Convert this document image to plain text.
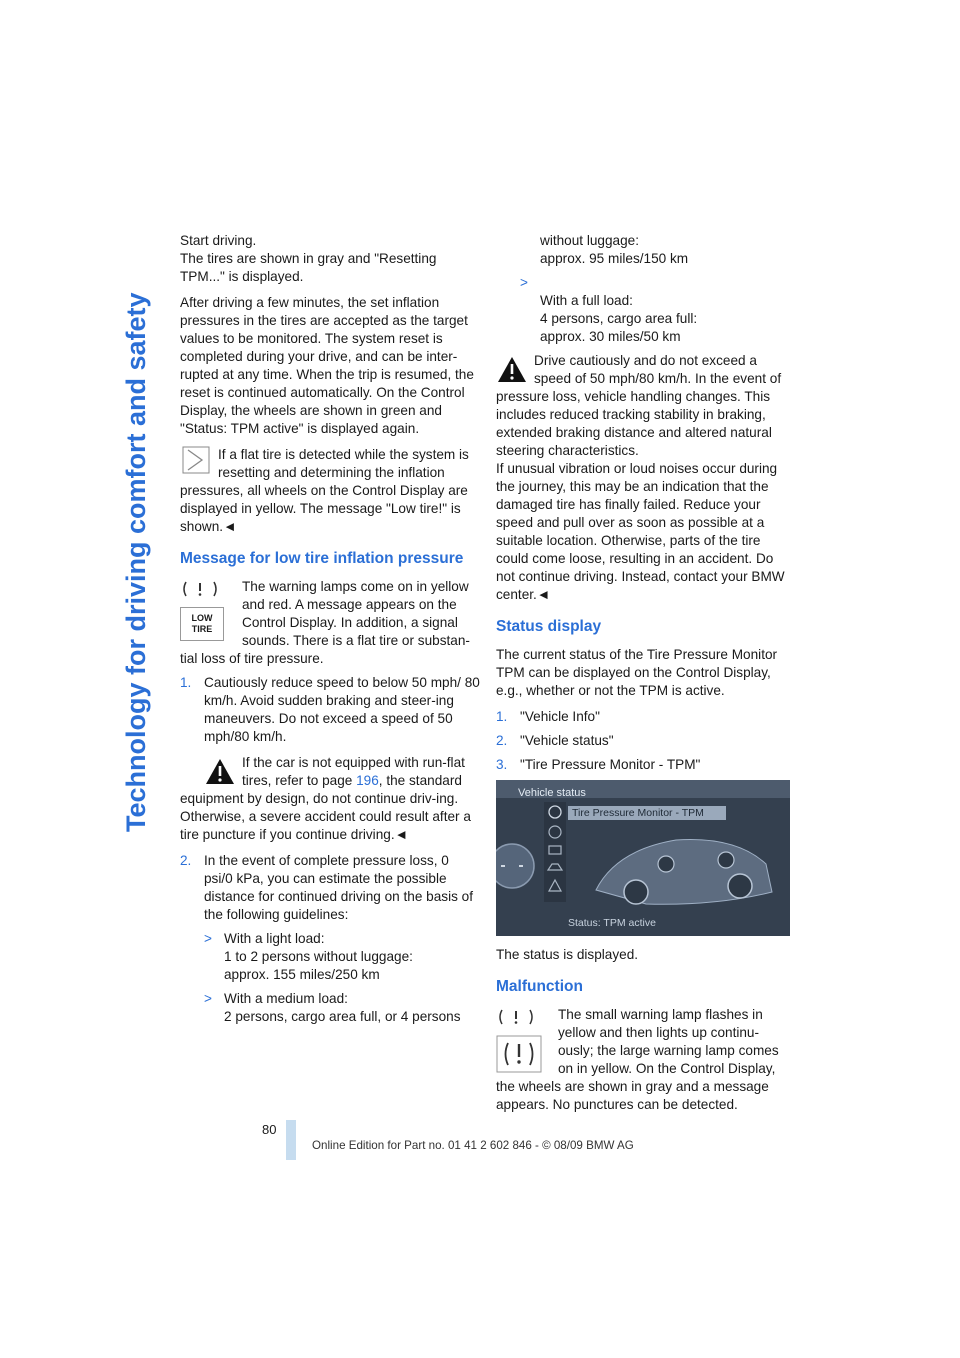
Technology for driving comfort and safety

Start driving.
The tires are shown in gray and "Resetting TPM..." is displayed.

After driving a few minutes, the set inflation pressures in the tires are accepted as the target values to be monitored. The system reset is completed during your drive, and can be inter-rupted at any time. When the trip is resumed, the reset is continued automatically. On the Control Display, the wheels are shown in green and "Status: TPM active" is displayed again.

If a flat tire is detected while the system is resetting and determining the inflation pressures, all wheels on the Control Display are displayed in yellow. The message "Low tire!" is shown.◄
Message for low tire inflation pressure
LOW
TIRE
The warning lamps come on in yellow and red. A message appears on the Control Display. In addition, a signal sounds. There is a flat tire or substan-tial loss of tire pressure.
1. Cautiously reduce speed to below 50 mph/ 80 km/h. Avoid sudden braking and steer-ing maneuvers. Do not exceed a speed of 50 mph/80 km/h.
If the car is not equipped with run-flat tires, refer to page 196, the standard equipment by design, do not continue driv-ing. Otherwise, a severe accident could result after a tire puncture if you continue driving.◄
2. In the event of complete pressure loss, 0 psi/0 kPa, you can estimate the possible distance for continued driving on the basis of the following guidelines:
> With a light load:
1 to 2 persons without luggage:
approx. 155 miles/250 km
> With a medium load:
2 persons, cargo area full, or 4 persons
without luggage:
approx. 95 miles/150 km

>
With a full load:
4 persons, cargo area full:
approx. 30 miles/50 km

Drive cautiously and do not exceed a speed of 50 mph/80 km/h. In the event of pressure loss, vehicle handling changes. This includes reduced tracking stability in braking, extended braking distance and altered natural steering characteristics.
If unusual vibration or loud noises occur during the journey, this may be an indication that the damaged tire has finally failed. Reduce your speed and pull over as soon as possible at a suitable location. Otherwise, parts of the tire could come loose, resulting in an accident. Do not continue driving. Instead, contact your BMW center.◄
Status display

The current status of the Tire Pressure Monitor TPM can be displayed on the Control Display, e.g., whether or not the TPM is active.

1. "Vehicle Info"
2. "Vehicle status"
3. "Tire Pressure Monitor - TPM"
Vehicle status
Tire Pressure Monitor - TPM
Status: TPM active

The status is displayed.

Malfunction

The small warning lamp flashes in yellow and then lights up continu-ously; the large warning lamp comes on in yellow. On the Control Display, the wheels are shown in gray and a message appears. No punctures can be detected.
80
Online Edition for Part no. 01 41 2 602 846 - © 08/09 BMW AG
